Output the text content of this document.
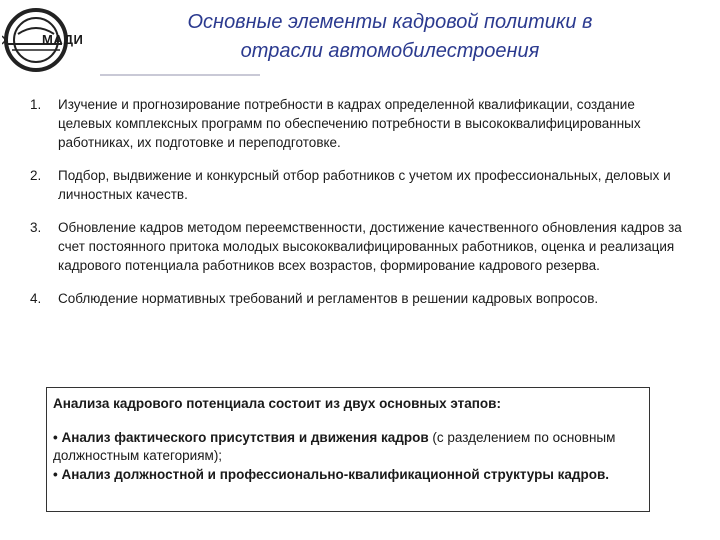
МАДИ
Основные элементы кадровой политики в
отрасли автомобилестроения
1. Изучение и прогнозирование потребности в кадрах определенной квалификации, создание целевых комплексных программ по обеспечению потребности в высококвалифицированных работниках, их подготовке и переподготовке.
2. Подбор, выдвижение и конкурсный отбор работников с учетом их профессиональных, деловых и личностных качеств.
3. Обновление кадров методом переемственности, достижение качественного обновления кадров за счет постоянного притока молодых высококвалифицированных работников, оценка и реализация кадрового потенциала работников всех возрастов, формирование кадрового резерва.
4. Соблюдение нормативных требований и регламентов в решении кадровых вопросов.
Анализа кадрового потенциала состоит из двух основных этапов:
• Анализ фактического присутствия и движения кадров (с разделением по основным должностным категориям);
• Анализ должностной и профессионально-квалификационной структуры кадров.
